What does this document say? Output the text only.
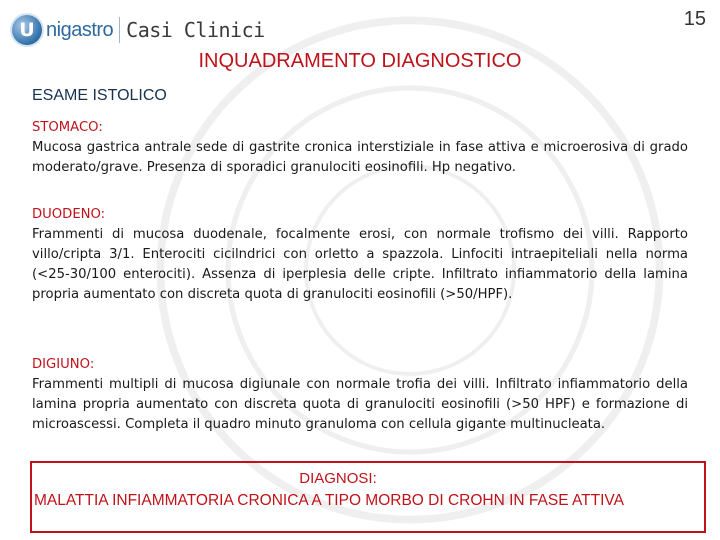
U nigastro Casi Clinici	15
INQUADRAMENTO DIAGNOSTICO
ESAME ISTOLICO
STOMACO:
Mucosa gastrica antrale sede di gastrite cronica interstiziale in fase attiva e microerosiva di grado moderato/grave. Presenza di sporadici granulociti eosinofili. Hp negativo.
DUODENO:
Frammenti di mucosa duodenale, focalmente erosi, con normale trofismo dei villi. Rapporto villo/cripta 3/1. Enterociti cicilndrici con orletto a spazzola. Linfociti intraepiteliali nella norma (<25-30/100 enterociti). Assenza di iperplesia delle cripte. Infiltrato infiammatorio della lamina propria aumentato con discreta quota di granulociti eosinofili (>50/HPF).
DIGIUNO:
Frammenti multipli di mucosa digiunale con normale trofia dei villi. Infiltrato infiammatorio della lamina propria aumentato con discreta quota di granulociti eosinofili (>50 HPF) e formazione di microascessi. Completa il quadro minuto granuloma con cellula gigante multinucleata.
DIAGNOSI:
MALATTIA INFIAMMATORIA CRONICA A TIPO MORBO DI CROHN IN FASE ATTIVA
